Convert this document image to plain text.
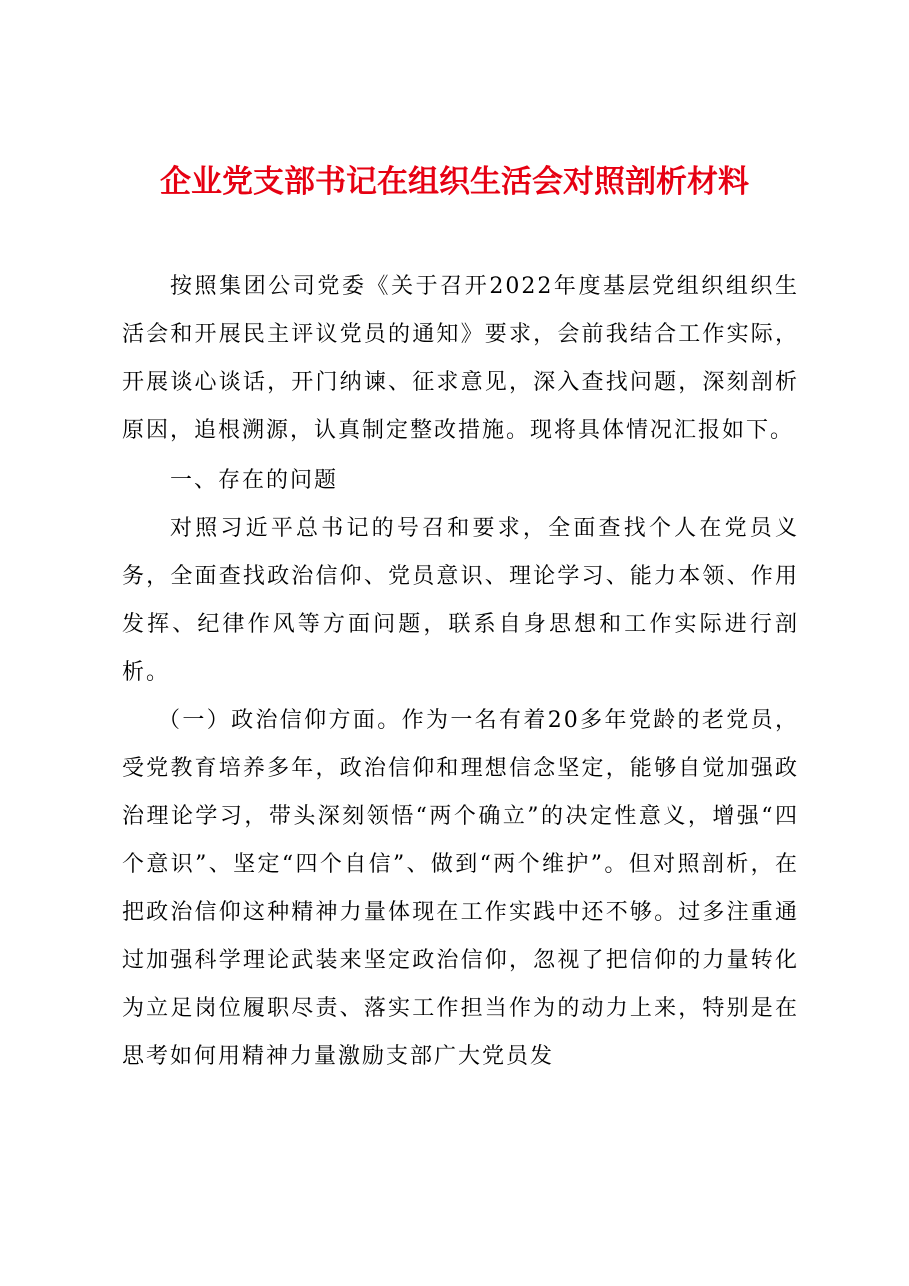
企业党支部书记在组织生活会对照剖析材料

按照集团公司党委《关于召开2022年度基层党组织组织生活会和开展民主评议党员的通知》要求，会前我结合工作实际，开展谈心谈话，开门纳谏、征求意见，深入查找问题，深刻剖析原因，追根溯源，认真制定整改措施。现将具体情况汇报如下。

一、存在的问题

对照习近平总书记的号召和要求，全面查找个人在党员义务，全面查找政治信仰、党员意识、理论学习、能力本领、作用发挥、纪律作风等方面问题，联系自身思想和工作实际进行剖析。

（一）政治信仰方面。作为一名有着20多年党龄的老党员，受党教育培养多年，政治信仰和理想信念坚定，能够自觉加强政治理论学习，带头深刻领悟“两个确立”的决定性意义，增强“四个意识”、坚定“四个自信”、做到“两个维护”。但对照剖析，在把政治信仰这种精神力量体现在工作实践中还不够。过多注重通过加强科学理论武装来坚定政治信仰，忽视了把信仰的力量转化为立足岗位履职尽责、落实工作担当作为的动力上来，特别是在思考如何用精神力量激励支部广大党员发
